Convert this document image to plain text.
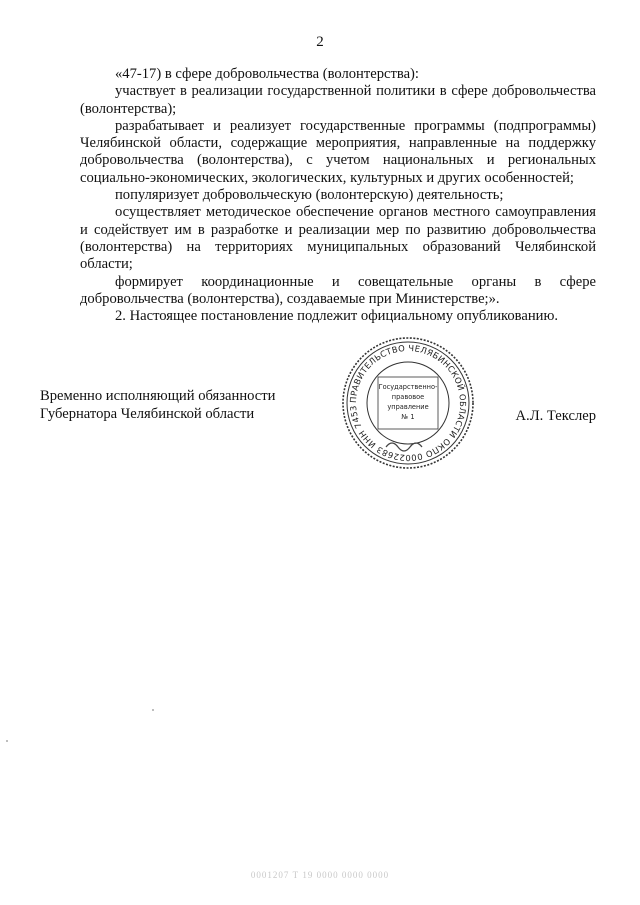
2

«47-17) в сфере добровольчества (волонтерства):

участвует в реализации государственной политики в сфере добровольчества (волонтерства);

разрабатывает и реализует государственные программы (подпрограммы) Челябинской области, содержащие мероприятия, направленные на поддержку добровольчества (волонтерства), с учетом национальных и региональных социально-экономических, экологических, культурных и других особенностей;

популяризует добровольческую (волонтерскую) деятельность;

осуществляет методическое обеспечение органов местного самоуправления и содействует им в разработке и реализации мер по развитию добровольчества (волонтерства) на территориях муниципальных образований Челябинской области;

формирует координационные и совещательные органы в сфере добровольчества (волонтерства), создаваемые при Министерстве;».

2. Настоящее постановление подлежит официальному опубликованию.

Временно исполняющий обязанности
Губернатора Челябинской области	А.Л. Текслер
ПРАВИТЕЛЬСТВО ЧЕЛЯБИНСКОЙ ОБЛАСТИ ОКПО 00022683 ИНН 7453
Государственно-
правовое
управление
№ 1
0001207 Т 19 0000 0000 0000
